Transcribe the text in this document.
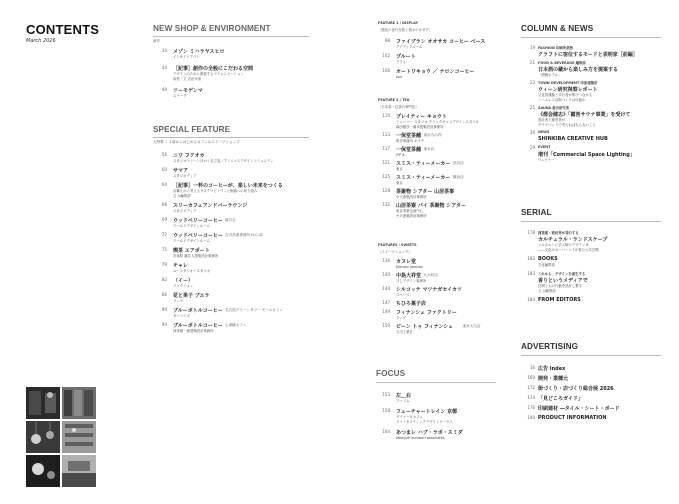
CONTENTS
March 2026
NEW SHOP & ENVIRONMENT
新作
34 メゾン ミハラヤスヒロ
インサイドアウト
44 ［記事］創作の全般にこだわる空間
デザインのために重視するコミュニケーション
取材・文 吉田未来
49 ツーモゲンマ
スナーク
SPECIAL FEATURE
大特集 ｜ 1席からはじめるカフェ＆スイーツショップ
56 ニワ フクオカ
スタジオマシーンほか＋足立晃／アノニマスデザインコミュニティ
60 サマア
スタジオディア
64 ［記事］一杯のコーヒーが、楽しい未来をつくる
店構えから考えるサステナビリティと価値への取り組み
文 ◎編集部
66 スリーカフェアンドバーラウンジ
スタジオディア
69 ウッドベリーコーヒー 新井圭
ワールドデザインルーム
72 ウッドベリーコーヒー 吉川昌典事務所 D.C.部
ワールドデザインルーム
75 喫茶 エアポート
宮城県 藤井人建築設計事務所
79 チャレ
ユースタジオ＋スタジオ
82 （イー）
ファクション
86 花と果子 ブエラ
フッグ
90 ブルーボトルコーヒー 名古屋グリーンタワー モールカフェ
ターコイズ
94 ブルーボトルコーヒー 心斎橋カフェ
林茂雄一級建築設計事務所
FEATURE 1 / DISPLAY
［進化の世代を拓く展示のカタチ］
98 ファイブラン オオサカ コーヒー ベース
アイディアルーム
102 プルート
プラゥ
106 オートワキョウ ／ ナロンコーヒー
one
FEATURE 2 / TEA
［日本茶・紅茶の専門店］
110 プレイティー キョウト
ヒューマー スタジオ クラックキャスデザインスタジオ
森田雅彦・藤本建築設計事務所
113 一保堂茶舗 東京丸の内
都市事務所 ネイチ
117 一保堂茶舗 東京店
JYP A
121 スミス・ティーメーカー 渋谷店
東京
125 スミス・ティーメーカー 横浜店
東京
128 茶聚物 シアター 山居茶事
小大建築設計事務所
132 山居茶寮 パイ 茶聚物 シアター
東京茶寮企画中心
小大建築設計事務所
FEATURES / SWEETS
［スイーツショップ］
136 カヌレ堂
Nilmoni Jamison
140 中島大祥堂 丸太町店
乃しデザイン事務所
144 シルコッテ マツナガセイカツ
スペース
147 ちひろ菓子店
149 フィナンシェ ファクトリー
フッグ
150 ビーン トゥ フィナンシェ	東京大丸店
万川工業社
FOCUS
153 左＿右
ファソム
158 フューチャートレイン 京都
ダイナー＆カフェ
ファンタスティックデザインワークス
164 あつまレ ハブ・ラボ・スミダ
takayuki kumboi+associates
COLUMN & NEWS
19 FASHION 印刷所業務
クラフトに宿位するモードと表明家［前編］
21 FOOD & BEVERAGE 編集部
日本酒の蔵から楽しみ方を提案する
「酒蔵ホテル」
23 TOWN DEVELOPMENT 印象建築所
ウィーン研究視察レポート
文化的漢動と歩行者が集けつながる
シームレスな街づくりは可能か
25 SAUNA 総合研究所
《都会健志》「露営サウナ事業」を受けて
設計者と運営者が
サウナづくりで考えねばならないこと
26 NEWS
SHINKIBA CREATIVE HUB
29 EVENT
増刊「Commercial Space Lighting」
ウェビナー
SERIAL
178 商業建・商材界が発行する
カルチュラル・ランドスケープ
メルボルンに学ぶ街のデザイン 6
――文化のオーバーレイが育む公共空間
182 BOOKS
文化編集部
183 これから、デザインを誕生する
香りというメディアで
空間と人の行動を設計し繋す
文 ◎編集部
184 FROM EDITORS
ADVERTISING
16 広告 Index
169 開発・業種元
172 街づくり・店づくり総合展 2026
174 「見どころガイド」
176 印刷建材 ―タイル・シート・ボード
190 PRODUCT INFORMATION
